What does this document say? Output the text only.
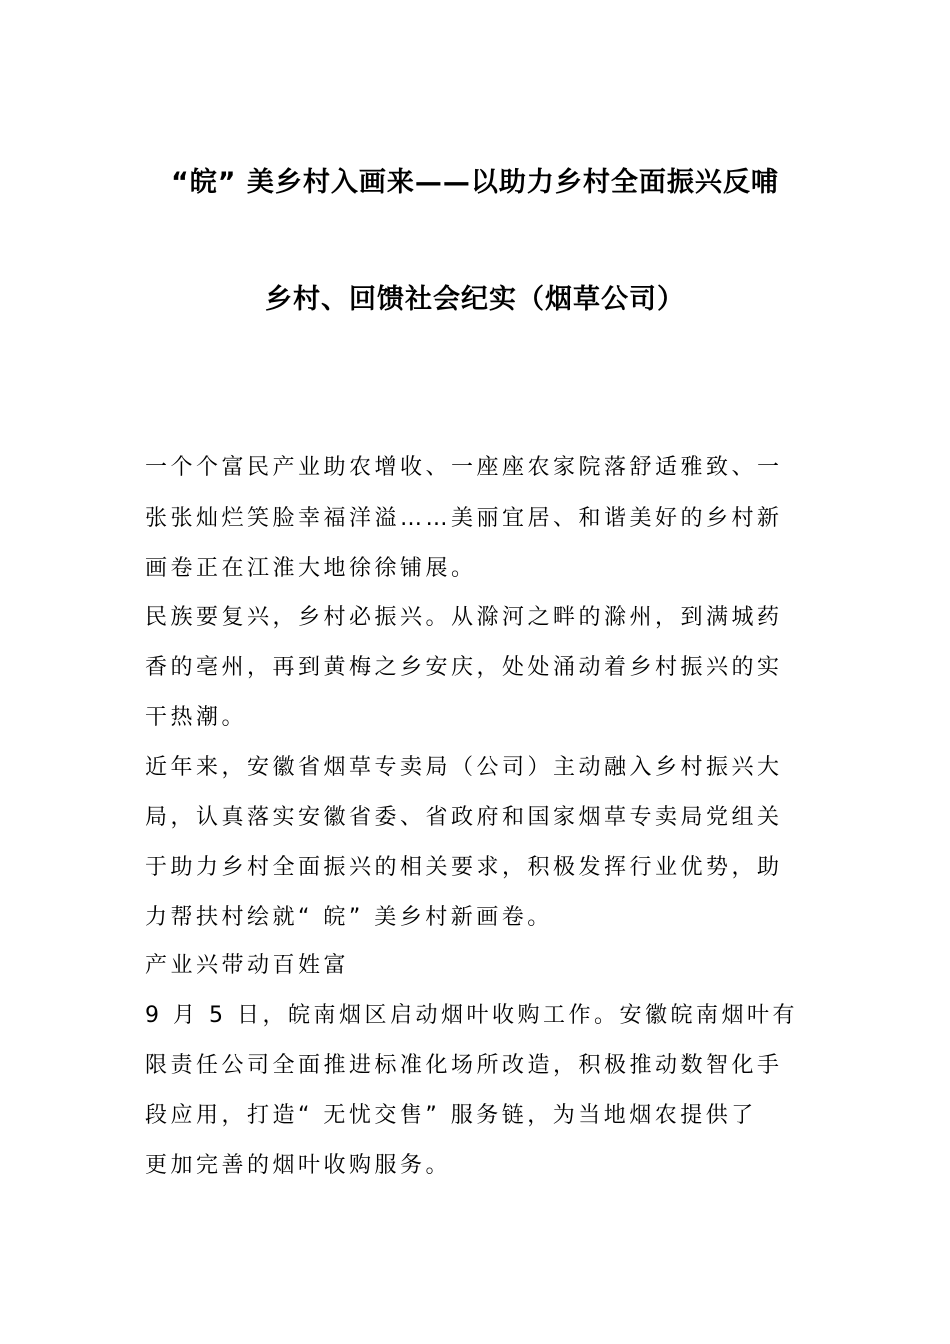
“皖” 美乡村入画来——以助力乡村全面振兴反哺
乡村、回馈社会纪实（烟草公司）
一个个富民产业助农增收、一座座农家院落舒适雅致、一
张张灿烂笑脸幸福洋溢……美丽宜居、和谐美好的乡村新
画卷正在江淮大地徐徐铺展。
民族要复兴，乡村必振兴。从滁河之畔的滁州，到满城药
香的亳州，再到黄梅之乡安庆，处处涌动着乡村振兴的实
干热潮。
近年来，安徽省烟草专卖局（公司）主动融入乡村振兴大
局，认真落实安徽省委、省政府和国家烟草专卖局党组关
于助力乡村全面振兴的相关要求，积极发挥行业优势，助
力帮扶村绘就“ 皖” 美乡村新画卷。
产业兴带动百姓富
9 月 5 日，皖南烟区启动烟叶收购工作。安徽皖南烟叶有
限责任公司全面推进标准化场所改造，积极推动数智化手
段应用，打造“ 无忧交售” 服务链，为当地烟农提供了
更加完善的烟叶收购服务。
